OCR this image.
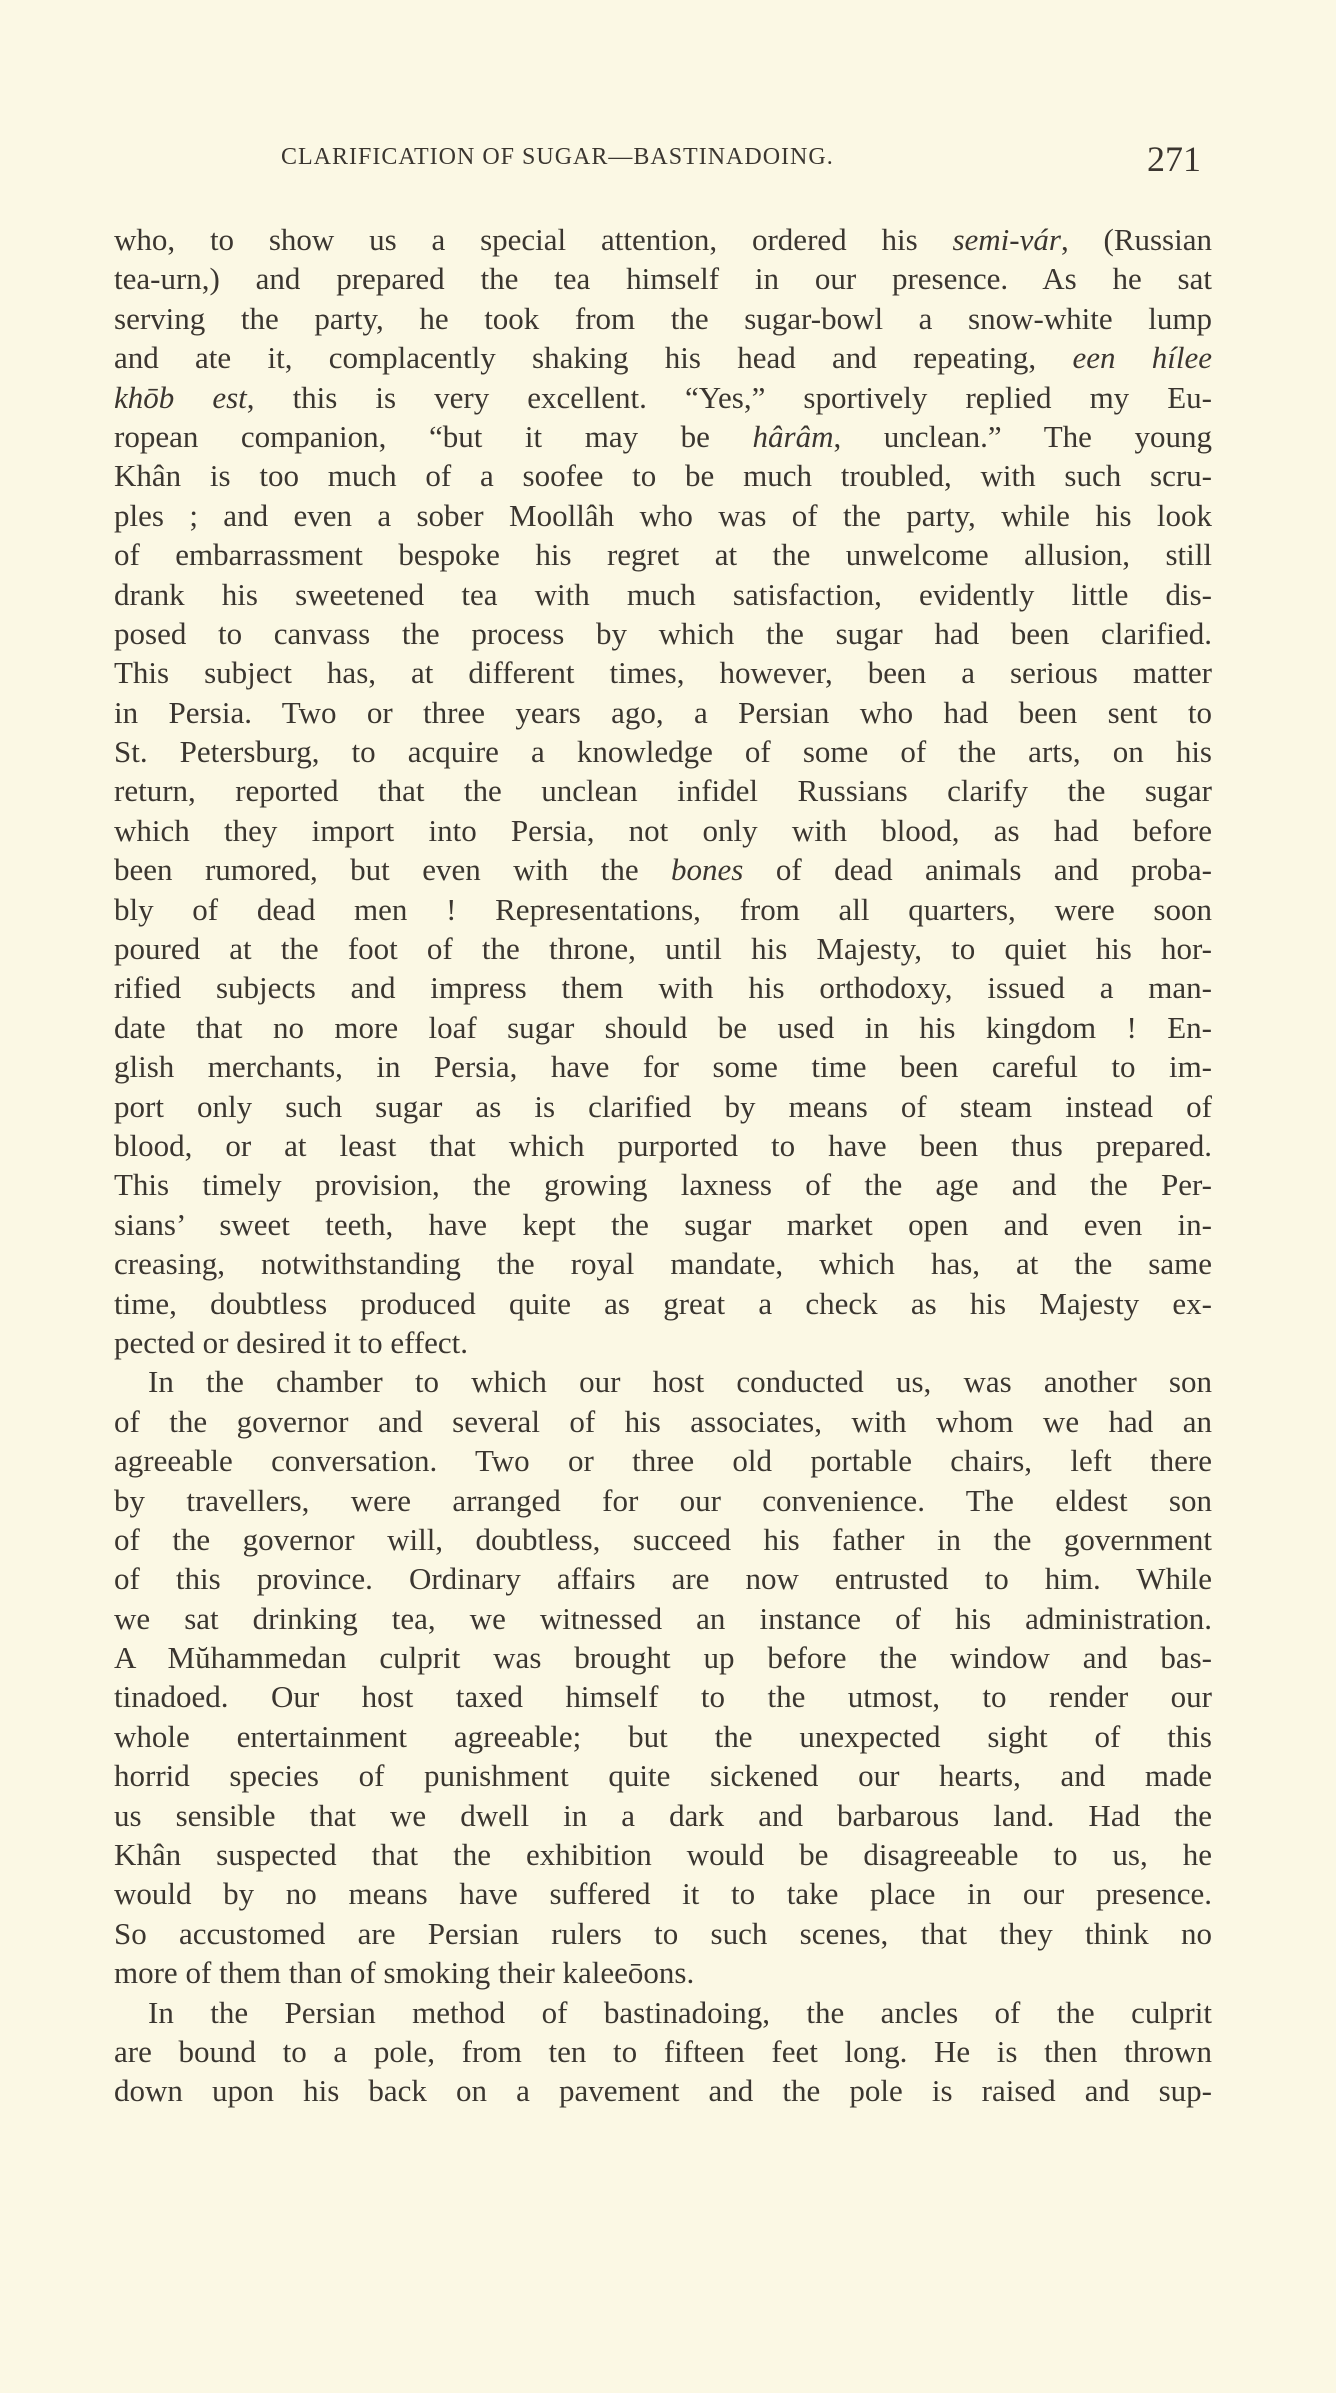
CLARIFICATION OF SUGAR—BASTINADOING.	271
who, to show us a special attention, ordered his semi-vár, (Russian
tea-urn,) and prepared the tea himself in our presence. As he sat
serving the party, he took from the sugar-bowl a snow-white lump
and ate it, complacently shaking his head and repeating, een hílee
khōb est, this is very excellent. “Yes,” sportively replied my Eu-
ropean companion, “but it may be hârâm, unclean.” The young
Khân is too much of a soofee to be much troubled, with such scru-
ples ; and even a sober Moollâh who was of the party, while his look
of embarrassment bespoke his regret at the unwelcome allusion, still
drank his sweetened tea with much satisfaction, evidently little dis-
posed to canvass the process by which the sugar had been clarified.
This subject has, at different times, however, been a serious matter
in Persia. Two or three years ago, a Persian who had been sent to
St. Petersburg, to acquire a knowledge of some of the arts, on his
return, reported that the unclean infidel Russians clarify the sugar
which they import into Persia, not only with blood, as had before
been rumored, but even with the bones of dead animals and proba-
bly of dead men ! Representations, from all quarters, were soon
poured at the foot of the throne, until his Majesty, to quiet his hor-
rified subjects and impress them with his orthodoxy, issued a man-
date that no more loaf sugar should be used in his kingdom ! En-
glish merchants, in Persia, have for some time been careful to im-
port only such sugar as is clarified by means of steam instead of
blood, or at least that which purported to have been thus prepared.
This timely provision, the growing laxness of the age and the Per-
sians’ sweet teeth, have kept the sugar market open and even in-
creasing, notwithstanding the royal mandate, which has, at the same
time, doubtless produced quite as great a check as his Majesty ex-
pected or desired it to effect.
In the chamber to which our host conducted us, was another son
of the governor and several of his associates, with whom we had an
agreeable conversation. Two or three old portable chairs, left there
by travellers, were arranged for our convenience. The eldest son
of the governor will, doubtless, succeed his father in the government
of this province. Ordinary affairs are now entrusted to him. While
we sat drinking tea, we witnessed an instance of his administration.
A Mŭhammedan culprit was brought up before the window and bas-
tinadoed. Our host taxed himself to the utmost, to render our
whole entertainment agreeable; but the unexpected sight of this
horrid species of punishment quite sickened our hearts, and made
us sensible that we dwell in a dark and barbarous land. Had the
Khân suspected that the exhibition would be disagreeable to us, he
would by no means have suffered it to take place in our presence.
So accustomed are Persian rulers to such scenes, that they think no
more of them than of smoking their kaleeōons.
In the Persian method of bastinadoing, the ancles of the culprit
are bound to a pole, from ten to fifteen feet long. He is then thrown
down upon his back on a pavement and the pole is raised and sup-
